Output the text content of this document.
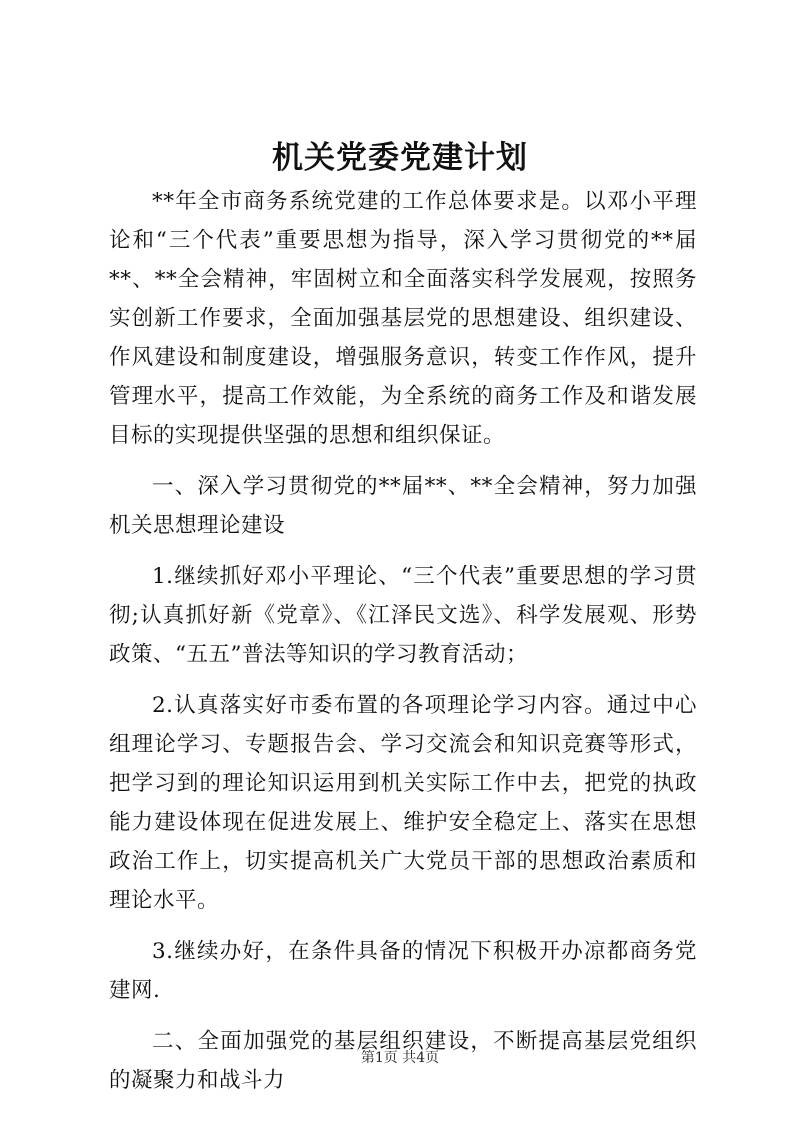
机关党委党建计划

**年全市商务系统党建的工作总体要求是。以邓小平理论和“三个代表”重要思想为指导，深入学习贯彻党的**届**、**全会精神，牢固树立和全面落实科学发展观，按照务实创新工作要求，全面加强基层党的思想建设、组织建设、作风建设和制度建设，增强服务意识，转变工作作风，提升管理水平，提高工作效能，为全系统的商务工作及和谐发展目标的实现提供坚强的思想和组织保证。

一、深入学习贯彻党的**届**、**全会精神，努力加强机关思想理论建设

1.继续抓好邓小平理论、“三个代表”重要思想的学习贯彻;认真抓好新《党章》、《江泽民文选》、科学发展观、形势政策、“五五”普法等知识的学习教育活动；

2.认真落实好市委布置的各项理论学习内容。通过中心组理论学习、专题报告会、学习交流会和知识竞赛等形式，把学习到的理论知识运用到机关实际工作中去，把党的执政能力建设体现在促进发展上、维护安全稳定上、落实在思想政治工作上，切实提高机关广大党员干部的思想政治素质和理论水平。

3.继续办好，在条件具备的情况下积极开办凉都商务党建网.

二、全面加强党的基层组织建设，不断提高基层党组织的凝聚力和战斗力

第1页 共4页
